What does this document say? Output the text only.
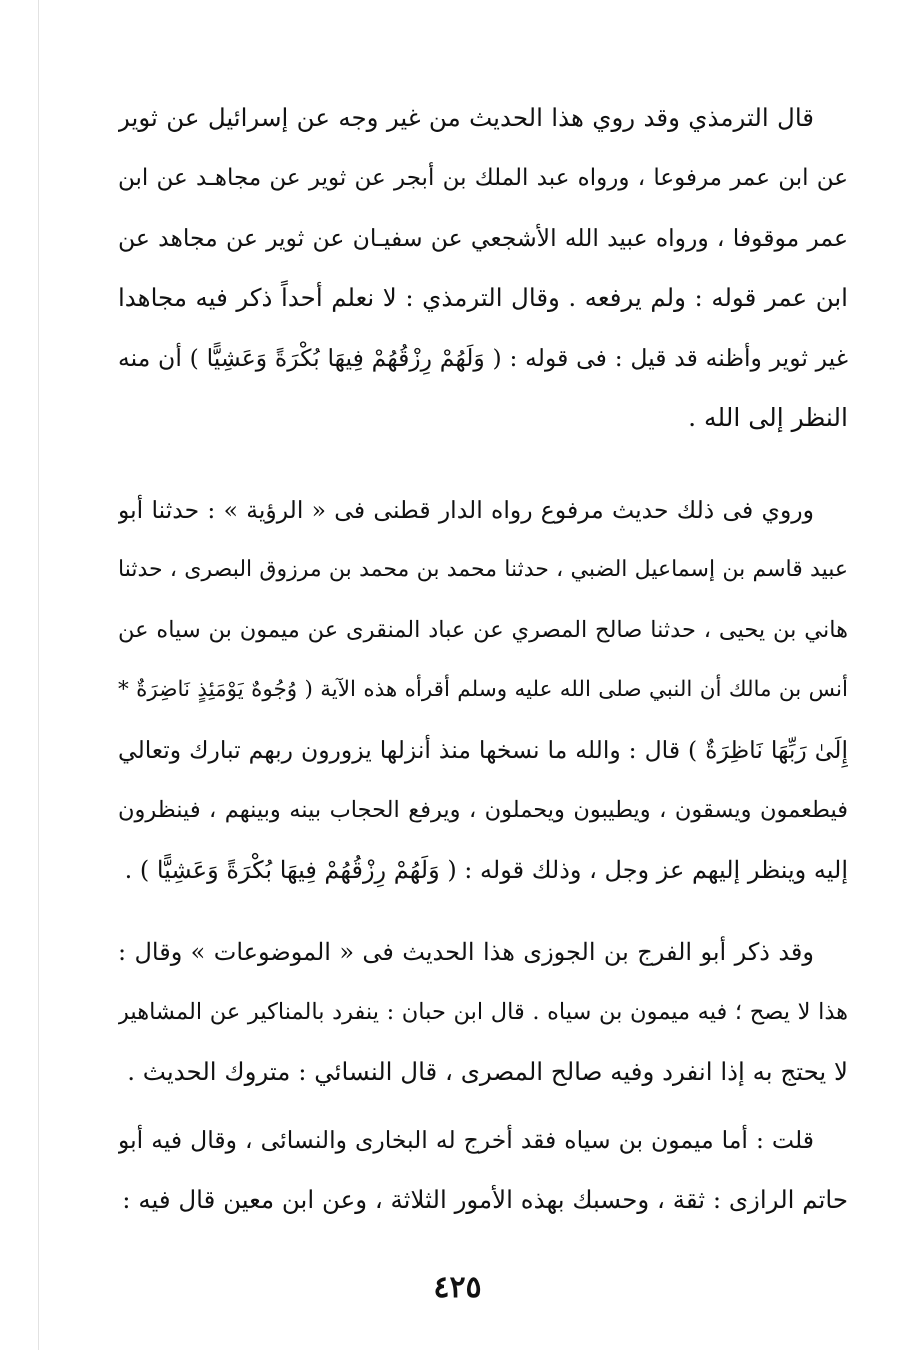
قال الترمذي وقد روي هذا الحديث من غير وجه عن إسرائيل عن ثوير
عن ابن عمر مرفوعا ، ورواه عبد الملك بن أبجر عن ثوير عن مجاهـد عن ابن
عمر موقوفا ، ورواه عبيد الله الأشجعي عن سفيـان عن ثوير عن مجاهد عن
ابن عمر قوله : ولم يرفعه . وقال الترمذي : لا نعلم أحداً ذكر فيه مجاهدا
غير ثوير وأظنه قد قيل : فى قوله : ( وَلَهُمْ رِزْقُهُمْ فِيهَا بُكْرَةً وَعَشِيًّا ) أن منه
النظر إلى الله .
وروي فى ذلك حديث مرفوع رواه الدار قطنى فى « الرؤية » : حدثنا أبو
عبيد قاسم بن إسماعيل الضبي ، حدثنا محمد بن محمد بن مرزوق البصرى ، حدثنا
هاني بن يحيى ، حدثنا صالح المصري عن عباد المنقرى عن ميمون بن سياه عن
أنس بن مالك أن النبي صلى الله عليه وسلم أقرأه هذه الآية ( وُجُوهٌ يَوْمَئِذٍ نَاضِرَةٌ *
إِلَىٰ رَبِّهَا نَاظِرَةٌ ) قال : والله ما نسخها منذ أنزلها يزورون ربهم تبارك وتعالي
فيطعمون ويسقون ، ويطيبون ويحملون ، ويرفع الحجاب بينه وبينهم ، فينظرون
إليه وينظر إليهم عز وجل ، وذلك قوله : ( وَلَهُمْ رِزْقُهُمْ فِيهَا بُكْرَةً وَعَشِيًّا ) .
وقد ذكر أبو الفرج بن الجوزى هذا الحديث فى « الموضوعات » وقال :
هذا لا يصح ؛ فيه ميمون بن سياه . قال ابن حبان : ينفرد بالمناكير عن المشاهير
لا يحتج به إذا انفرد وفيه صالح المصرى ، قال النسائي : متروك الحديث .
قلت : أما ميمون بن سياه فقد أخرج له البخارى والنسائى ، وقال فيه أبو
حاتم الرازى : ثقة ، وحسبك بهذه الأمور الثلاثة ، وعن ابن معين قال فيه :
٤٢٥
